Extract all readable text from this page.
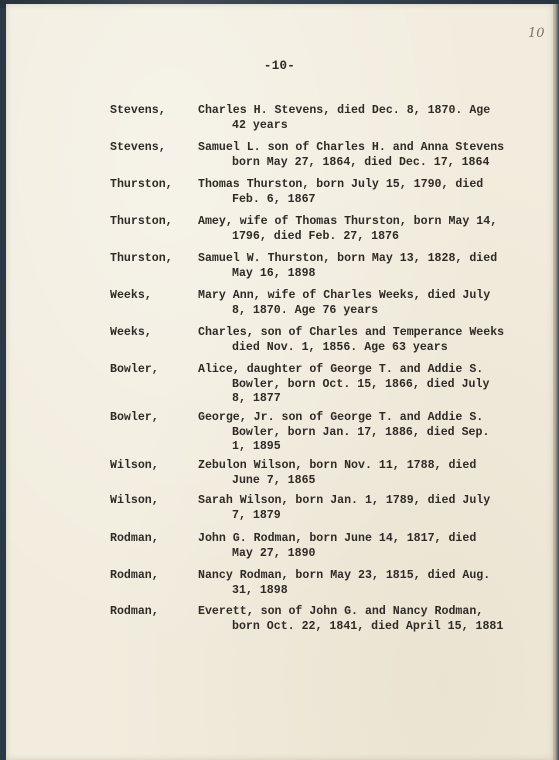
10
-10-
Stevens,	Charles H. Stevens, died Dec. 8, 1870. Age
42 years
Stevens,	Samuel L. son of Charles H. and Anna Stevens
born May 27, 1864, died Dec. 17, 1864
Thurston,	Thomas Thurston, born July 15, 1790, died
Feb. 6, 1867
Thurston,	Amey, wife of Thomas Thurston, born May 14,
1796, died Feb. 27, 1876
Thurston,	Samuel W. Thurston, born May 13, 1828, died
May 16, 1898
Weeks,	Mary Ann, wife of Charles Weeks, died July
8, 1870. Age 76 years
Weeks,	Charles, son of Charles and Temperance Weeks
died Nov. 1, 1856. Age 63 years
Bowler,	Alice, daughter of George T. and Addie S.
Bowler, born Oct. 15, 1866, died July
8, 1877
Bowler,	George, Jr. son of George T. and Addie S.
Bowler, born Jan. 17, 1886, died Sep.
1, 1895
Wilson,	Zebulon Wilson, born Nov. 11, 1788, died
June 7, 1865
Wilson,	Sarah Wilson, born Jan. 1, 1789, died July
7, 1879
Rodman,	John G. Rodman, born June 14, 1817, died
May 27, 1890
Rodman,	Nancy Rodman, born May 23, 1815, died Aug.
31, 1898
Rodman,	Everett, son of John G. and Nancy Rodman,
born Oct. 22, 1841, died April 15, 1881
